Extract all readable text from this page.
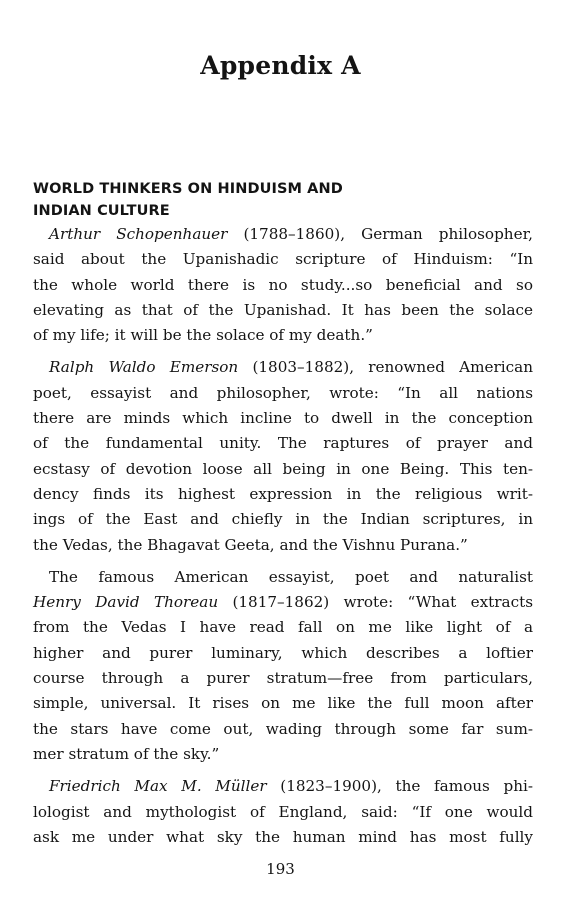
Appendix A
WORLD THINKERS ON HINDUISM AND
INDIAN CULTURE
Arthur Schopenhauer (1788–1860), German philosopher,
said about the Upanishadic scripture of Hinduism: “In
the whole world there is no study...so beneficial and so
elevating as that of the Upanishad. It has been the solace
of my life; it will be the solace of my death.”
Ralph Waldo Emerson (1803–1882), renowned American
poet, essayist and philosopher, wrote: “In all nations
there are minds which incline to dwell in the conception
of the fundamental unity. The raptures of prayer and
ecstasy of devotion loose all being in one Being. This ten-
dency finds its highest expression in the religious writ-
ings of the East and chiefly in the Indian scriptures, in
the Vedas, the Bhagavat Geeta, and the Vishnu Purana.”
The famous American essayist, poet and naturalist
Henry David Thoreau (1817–1862) wrote: “What extracts
from the Vedas I have read fall on me like light of a
higher and purer luminary, which describes a loftier
course through a purer stratum—free from particulars,
simple, universal. It rises on me like the full moon after
the stars have come out, wading through some far sum-
mer stratum of the sky.”
Friedrich Max M. Müller (1823–1900), the famous phi-
lologist and mythologist of England, said: “If one would
ask me under what sky the human mind has most fully
193
